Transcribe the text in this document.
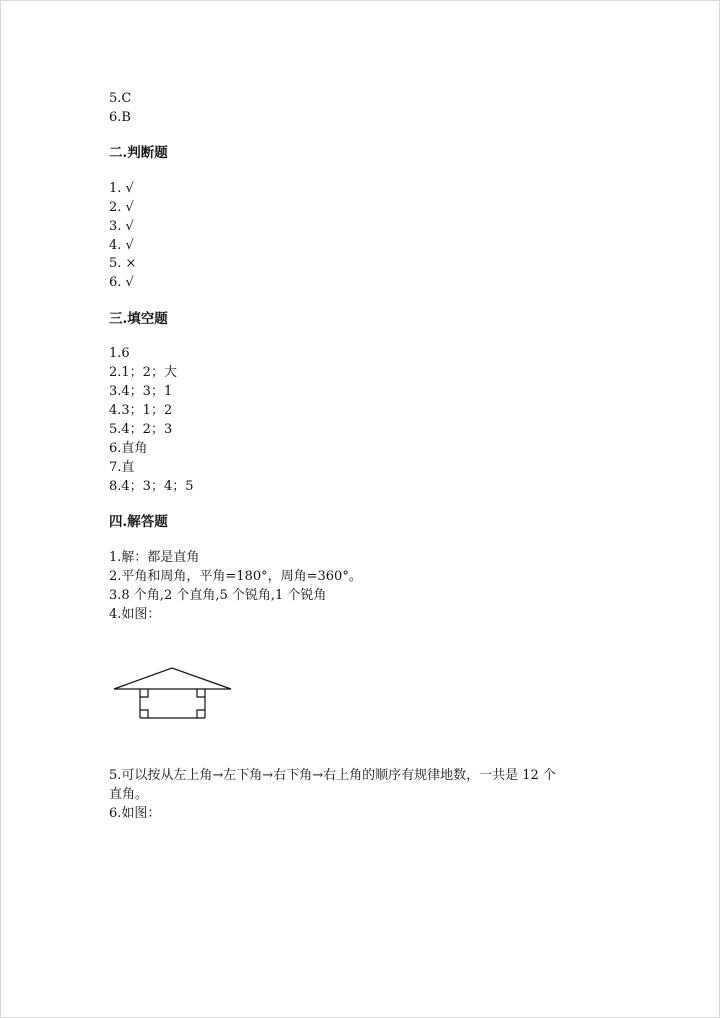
5.C
6.B
二.判断题
1. √
2. √
3. √
4. √
5. ×
6. √
三.填空题
1.6
2.1；2；大
3.4；3；1
4.3；1；2
5.4；2；3
6.直角
7.直
8.4；3；4；5
四.解答题
1.解：都是直角
2.平角和周角，平角=180°，周角=360°。
3.8 个角,2 个直角,5 个锐角,1 个锐角
4.如图：
5.可以按从左上角→左下角→右下角→右上角的顺序有规律地数，一共是 12 个
直角。
6.如图：
